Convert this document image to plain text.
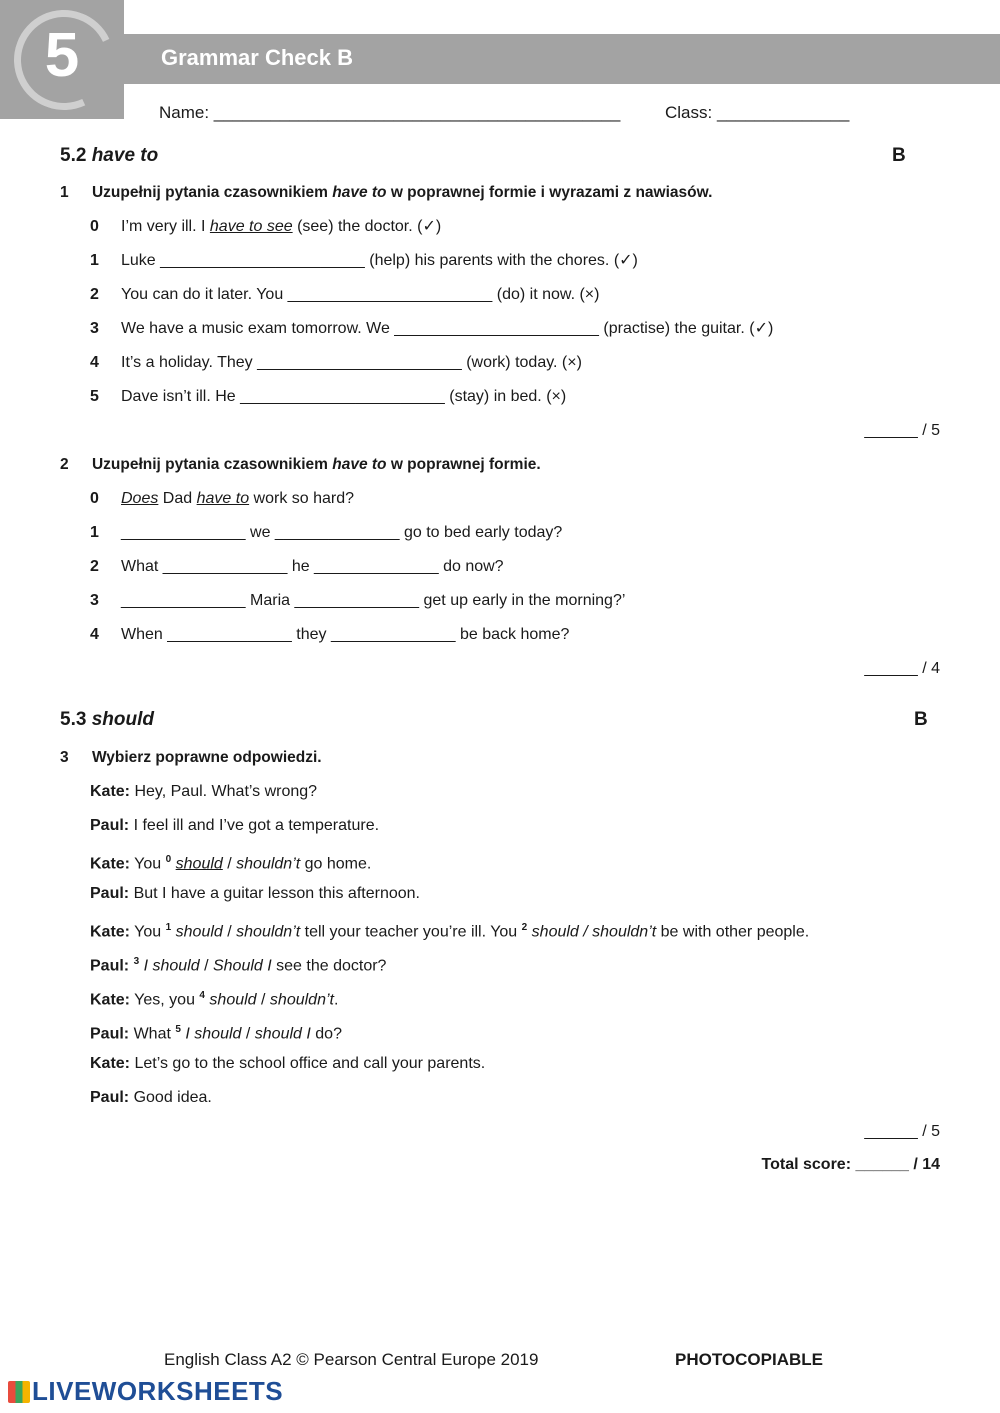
5	Grammar Check B
Name: ___________________________________________	Class: ______________
5.2 have to	B
1 Uzupełnij pytania czasownikiem have to w poprawnej formie i wyrazami z nawiasów.
0 I’m very ill. I have to see (see) the doctor. (✓)
1 Luke _______________________ (help) his parents with the chores. (✓)
2 You can do it later. You _______________________ (do) it now. (×)
3 We have a music exam tomorrow. We _______________________ (practise) the guitar. (✓)
4 It’s a holiday. They _______________________ (work) today. (×)
5 Dave isn’t ill. He _______________________ (stay) in bed. (×)
______ / 5
2 Uzupełnij pytania czasownikiem have to w poprawnej formie.
0 Does Dad have to work so hard?
1 ______________ we ______________ go to bed early today?
2 What ______________ he ______________ do now?
3 ______________ Maria ______________ get up early in the morning?’
4 When ______________ they ______________ be back home?
______ / 4
5.3 should	B
3 Wybierz poprawne odpowiedzi.
Kate: Hey, Paul. What’s wrong?
Paul: I feel ill and I’ve got a temperature.
Kate: You $^0$ should / shouldn’t go home.
Paul: But I have a guitar lesson this afternoon.
Kate: You $^1$ should / shouldn’t tell your teacher you’re ill. You $^2$ should / shouldn’t be with other people.
Paul: $^3$ I should / Should I see the doctor?
Kate: Yes, you $^4$ should / shouldn’t.
Paul: What $^5$ I should / should I do?
Kate: Let’s go to the school office and call your parents.
Paul: Good idea.
______ / 5
Total score: ______ / 14
English Class A2 © Pearson Central Europe 2019	PHOTOCOPIABLE
LIVEWORKSHEETS
